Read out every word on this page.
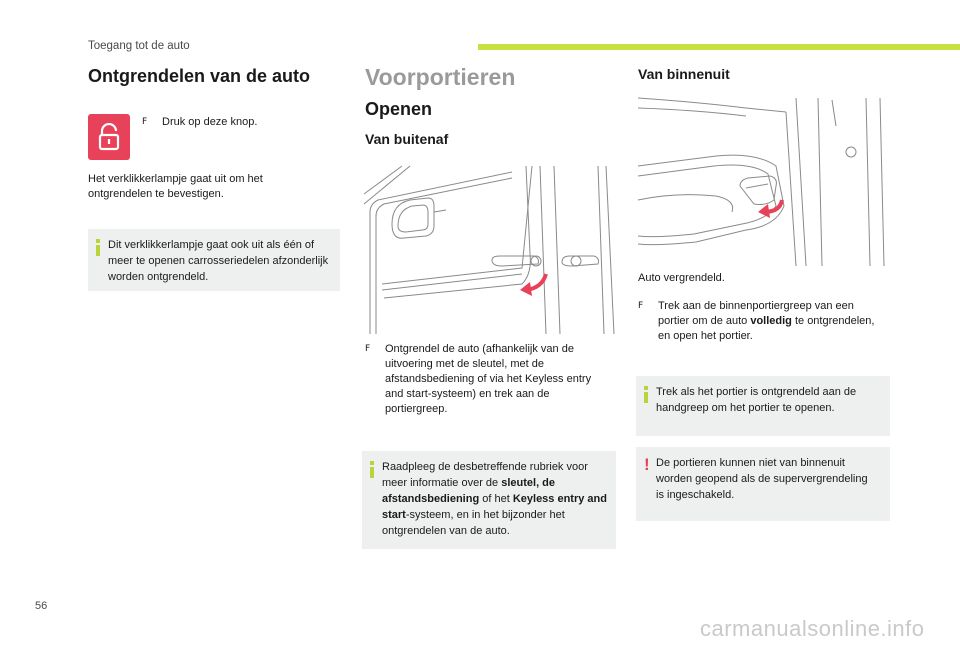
Toegang tot de auto
Ontgrendelen van de auto
F	Druk op deze knop.
Het verklikkerlampje gaat uit om het ontgrendelen te bevestigen.
Dit verklikkerlampje gaat ook uit als één of meer te openen carrosseriedelen afzonderlijk worden ontgrendeld.
Voorportieren
Openen
Van buitenaf
F	Ontgrendel de auto (afhankelijk van de uitvoering met de sleutel, met de afstandsbediening of via het Keyless entry and start-systeem) en trek aan de portiergreep.
Raadpleeg de desbetreffende rubriek voor meer informatie over de sleutel, de afstandsbediening of het Keyless entry and start-systeem, en in het bijzonder het ontgrendelen van de auto.
Van binnenuit
Auto vergrendeld.
F	Trek aan de binnenportiergreep van een portier om de auto volledig te ontgrendelen, en open het portier.
Trek als het portier is ontgrendeld aan de handgreep om het portier te openen.
! De portieren kunnen niet van binnenuit worden geopend als de supervergrendeling is ingeschakeld.
56
carmanualsonline.info
